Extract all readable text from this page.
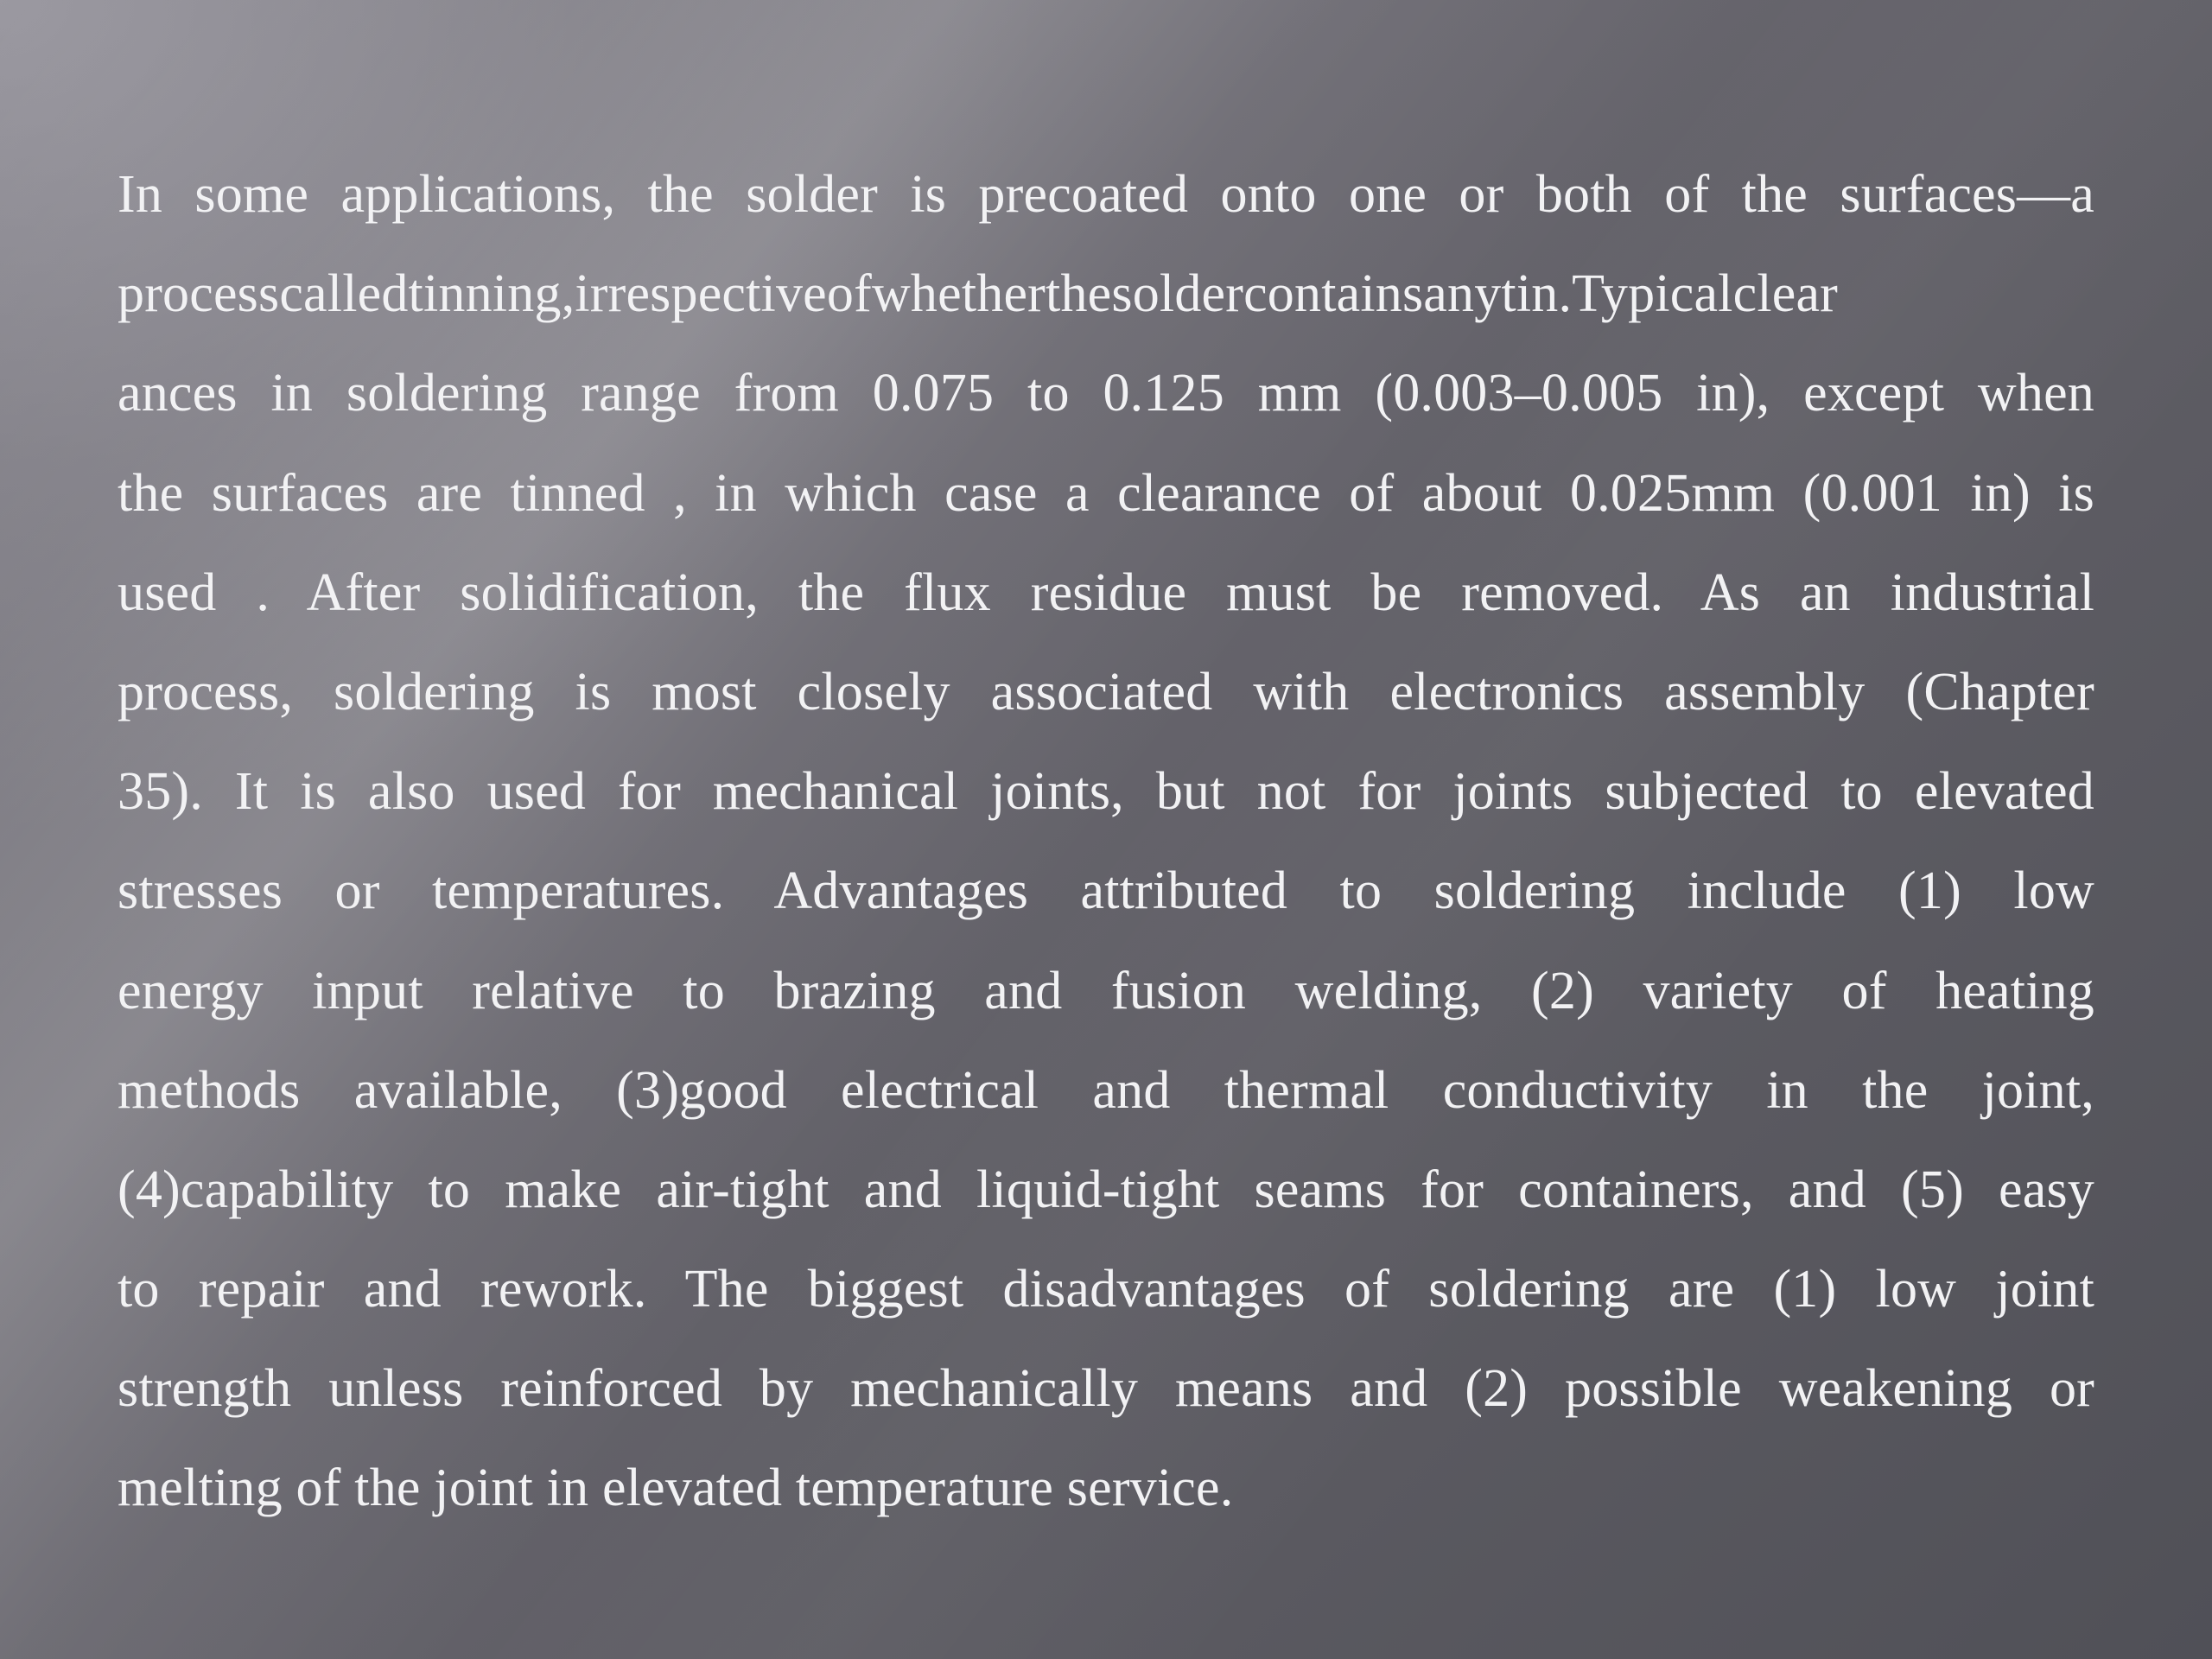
In some applications, the solder is precoated onto one or both of the surfaces—a
processcalledtinning,irrespectiveofwhetherthesoldercontainsanytin.Typicalclear
ances in soldering range from 0.075 to 0.125 mm (0.003–0.005 in), except when
the surfaces are tinned , in which case a clearance of about 0.025mm (0.001 in) is
used . After solidification, the flux residue must be removed. As an industrial
process, soldering is most closely associated with electronics assembly (Chapter
35). It is also used for mechanical joints, but not for joints subjected to elevated
stresses or temperatures. Advantages attributed to soldering include (1) low
energy input relative to brazing and fusion welding, (2) variety of heating
methods available, (3)good electrical and thermal conductivity in the joint,
(4)capability to make air-tight and liquid-tight seams for containers, and (5) easy
to repair and rework. The biggest disadvantages of soldering are (1) low joint
strength unless reinforced by mechanically means and (2) possible weakening or
melting of the joint in elevated temperature service.
